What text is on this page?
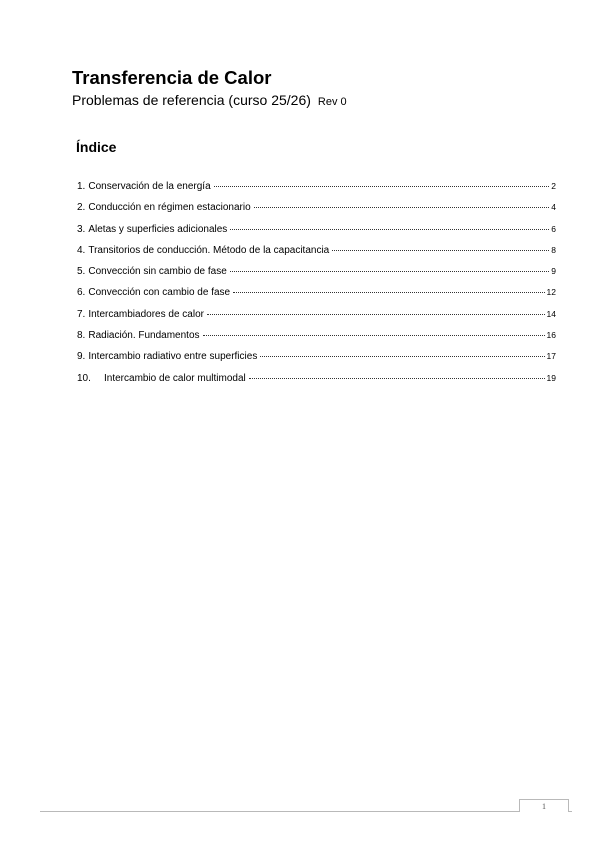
Transferencia de Calor
Problemas de referencia (curso 25/26) Rev 0
Índice
1. Conservación de la energía	2
2. Conducción en régimen estacionario	4
3. Aletas y superficies adicionales	6
4. Transitorios de conducción. Método de la capacitancia	8
5. Convección sin cambio de fase	9
6. Convección con cambio de fase	12
7. Intercambiadores de calor	14
8. Radiación. Fundamentos	16
9. Intercambio radiativo entre superficies	17
10.	Intercambio de calor multimodal	19
1
